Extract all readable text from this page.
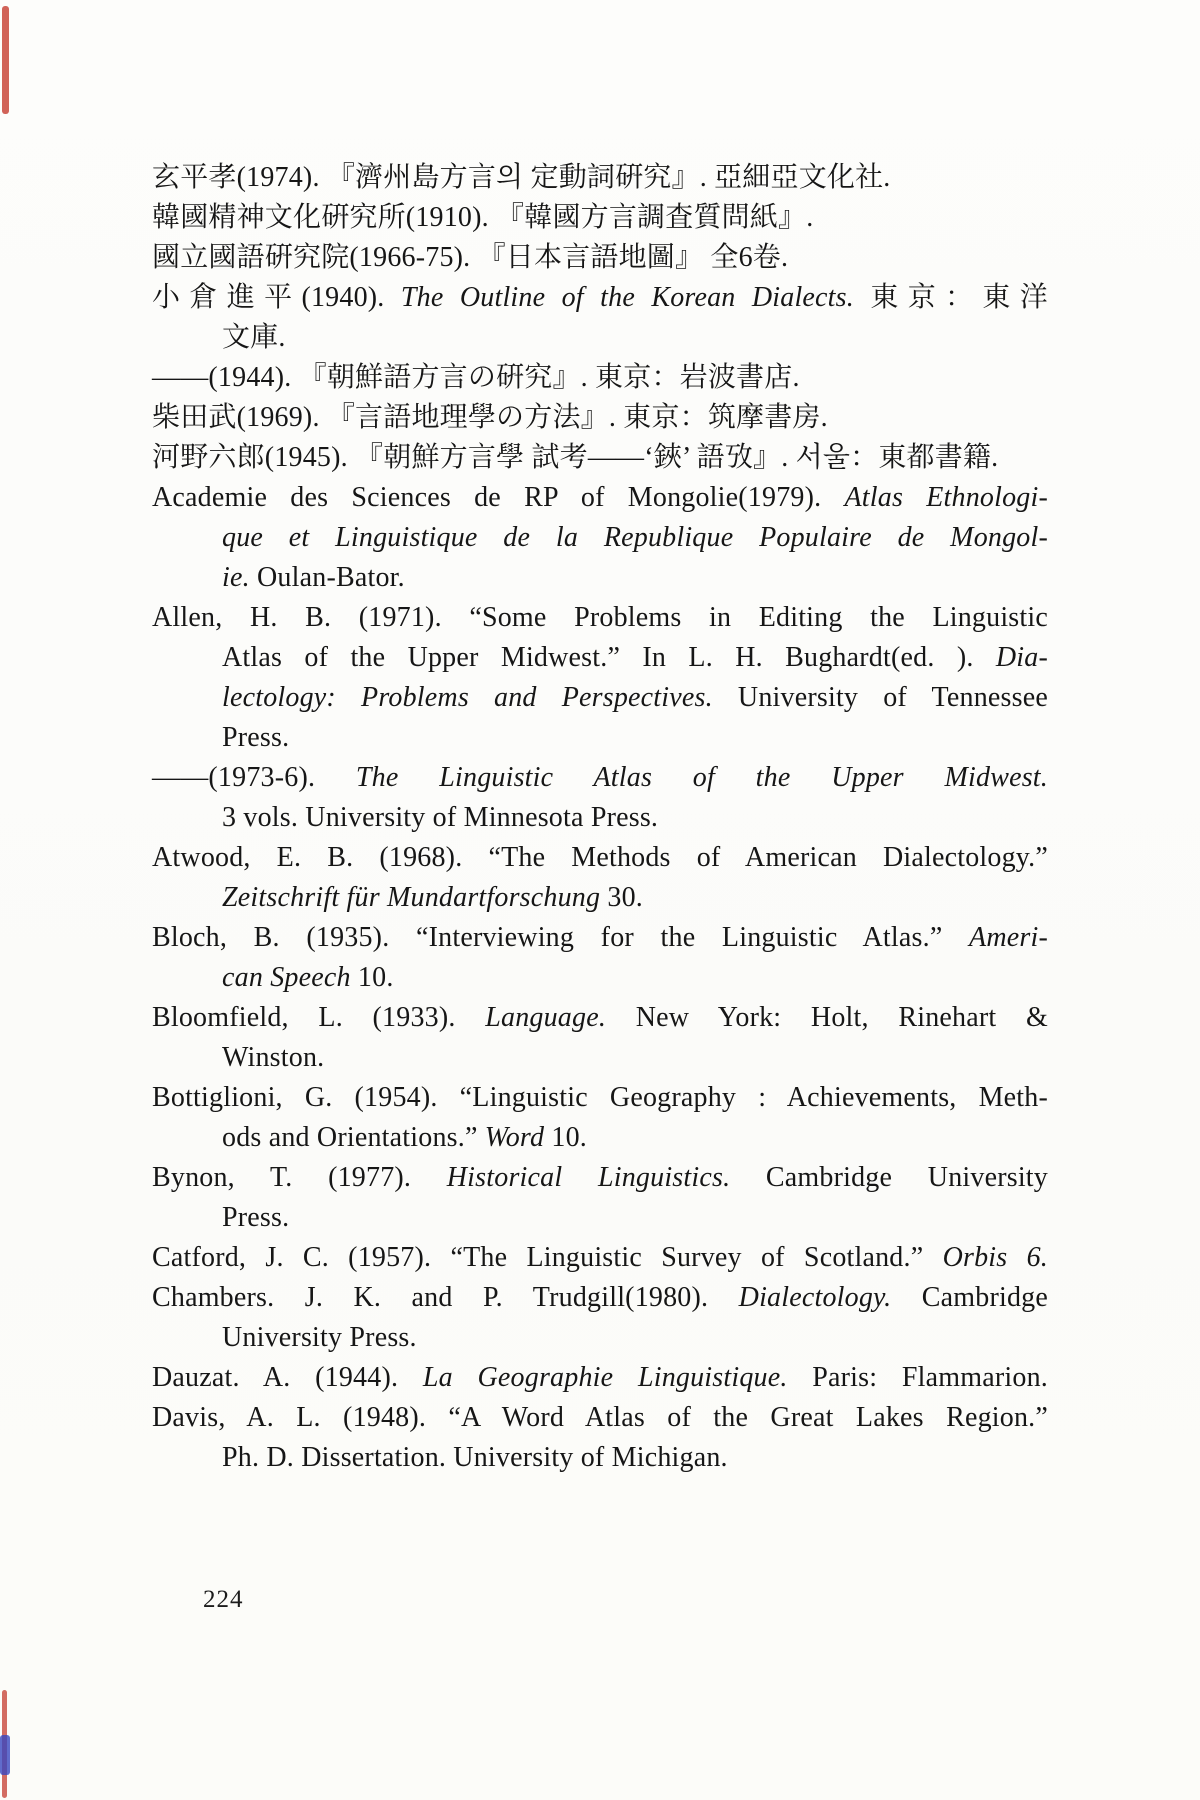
玄平孝(1974). 『濟州島方言의 定動詞硏究』. 亞細亞文化社.
韓國精神文化硏究所(1910). 『韓國方言調査質問紙』.
國立國語硏究院(1966-75). 『日本言語地圖』 全6卷.
小倉進平(1940). The Outline of the Korean Dialects. 東京：東洋
文庫.
——(1944). 『朝鮮語方言の硏究』. 東京：岩波書店.
柴田武(1969). 『言語地理學の方法』. 東京：筑摩書房.
河野六郎(1945). 『朝鮮方言學 試考——‘鋏’ 語攷』. 서울：東都書籍.
Academie des Sciences de RP of Mongolie(1979). Atlas Ethnologi-
que et Linguistique de la Republique Populaire de Mongol-
ie. Oulan-Bator.
Allen, H. B. (1971). “Some Problems in Editing the Linguistic
Atlas of the Upper Midwest.” In L. H. Bughardt(ed. ). Dia-
lectology: Problems and Perspectives. University of Tennessee
Press.
——(1973-6). The Linguistic Atlas of the Upper Midwest.
3 vols. University of Minnesota Press.
Atwood, E. B. (1968). “The Methods of American Dialectology.”
Zeitschrift für Mundartforschung 30.
Bloch, B. (1935). “Interviewing for the Linguistic Atlas.” Ameri-
can Speech 10.
Bloomfield, L. (1933). Language. New York: Holt, Rinehart &
Winston.
Bottiglioni, G. (1954). “Linguistic Geography : Achievements, Meth-
ods and Orientations.” Word 10.
Bynon, T. (1977). Historical Linguistics. Cambridge University
Press.
Catford, J. C. (1957). “The Linguistic Survey of Scotland.” Orbis 6.
Chambers. J. K. and P. Trudgill(1980). Dialectology. Cambridge
University Press.
Dauzat. A. (1944). La Geographie Linguistique. Paris: Flammarion.
Davis, A. L. (1948). “A Word Atlas of the Great Lakes Region.”
Ph. D. Dissertation. University of Michigan.
224
